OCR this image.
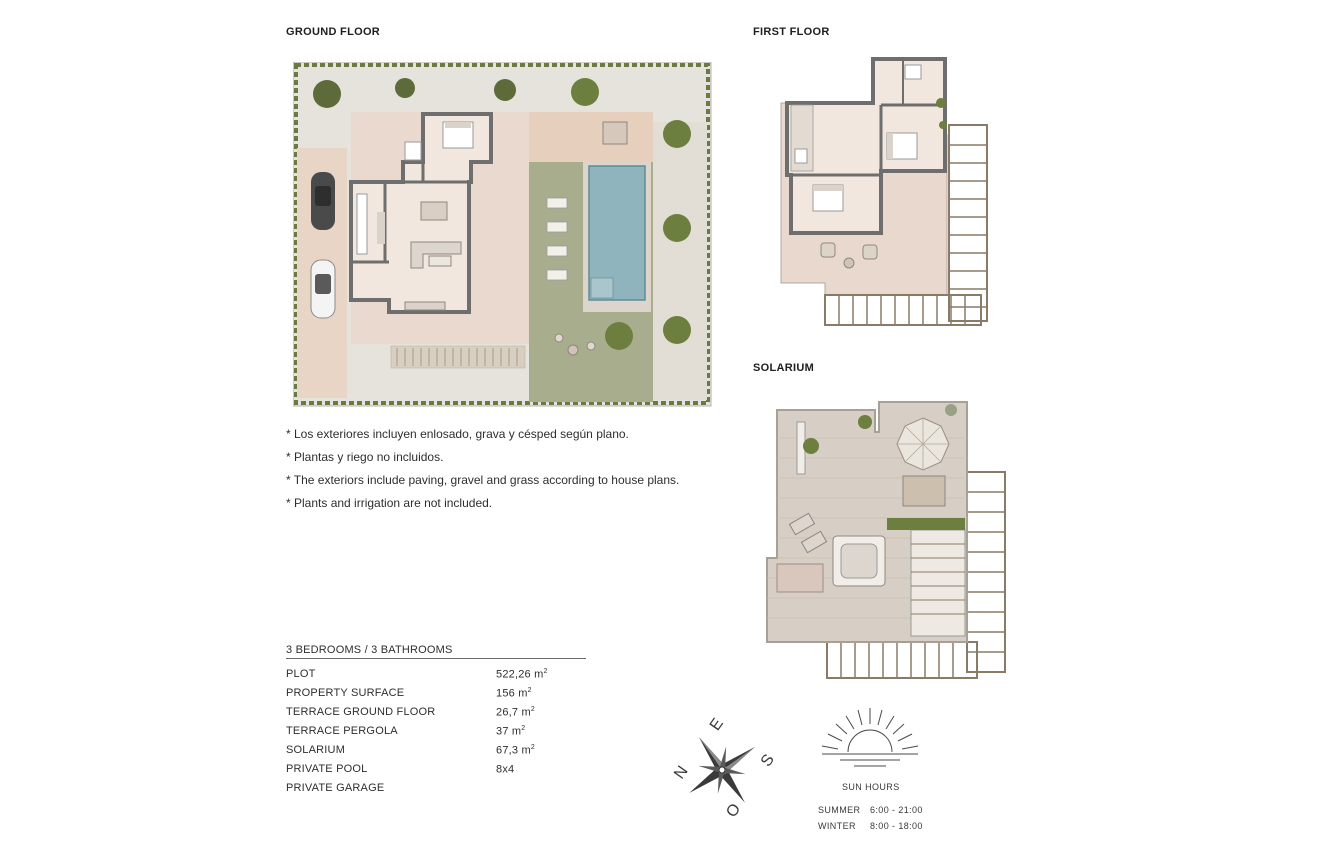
GROUND FLOOR	FIRST FLOOR
SOLARIUM
* Los exteriores incluyen enlosado, grava y césped según plano.
* Plantas y riego no incluidos.
* The exteriors include paving, gravel and grass according to house plans.
* Plants and irrigation are not included.
3 BEDROOMS / 3 BATHROOMS
PLOT	522,26 $m^2$
PROPERTY SURFACE	156 $m^2$
TERRACE GROUND FLOOR	26,7 $m^2$
TERRACE PERGOLA	37 $m^2$
SOLARIUM	67,3 $m^2$
PRIVATE POOL	8x4
PRIVATE GARAGE
N
E
S
O
SUN HOURS
SUMMER 6:00 - 21:00
WINTER 8:00 - 18:00
